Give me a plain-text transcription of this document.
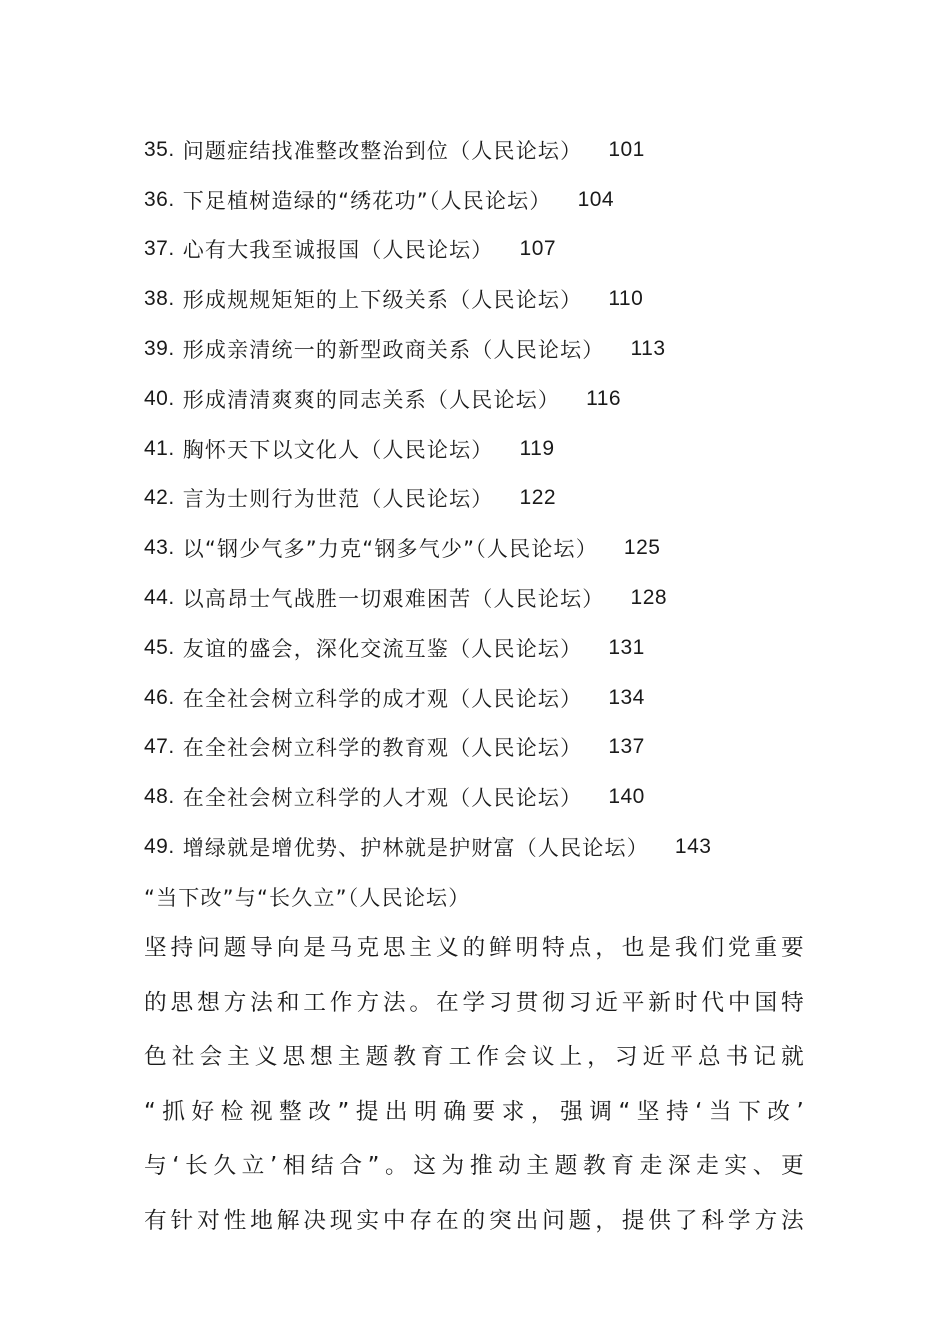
35. 问题症结找准整改整治到位（人民论坛） 101
36. 下足植树造绿的“绣花功”（人民论坛） 104
37. 心有大我至诚报国（人民论坛） 107
38. 形成规规矩矩的上下级关系（人民论坛） 110
39. 形成亲清统一的新型政商关系（人民论坛） 113
40. 形成清清爽爽的同志关系（人民论坛） 116
41. 胸怀天下以文化人（人民论坛） 119
42. 言为士则行为世范（人民论坛） 122
43. 以“钢少气多”力克“钢多气少”（人民论坛） 125
44. 以高昂士气战胜一切艰难困苦（人民论坛） 128
45. 友谊的盛会，深化交流互鉴（人民论坛） 131
46. 在全社会树立科学的成才观（人民论坛） 134
47. 在全社会树立科学的教育观（人民论坛） 137
48. 在全社会树立科学的人才观（人民论坛） 140
49. 增绿就是增优势、护林就是护财富（人民论坛） 143
“当下改”与“长久立”（人民论坛）
坚持问题导向是马克思主义的鲜明特点，也是我们党重要
的思想方法和工作方法。在学习贯彻习近平新时代中国特
色社会主义思想主题教育工作会议上，习近平总书记就
“抓好检视整改”提出明确要求，强调“坚持‘当下改’
与‘长久立’相结合”。这为推动主题教育走深走实、更
有针对性地解决现实中存在的突出问题，提供了科学方法
